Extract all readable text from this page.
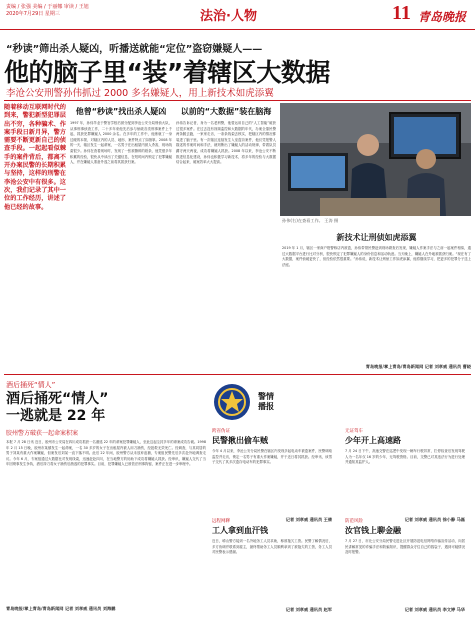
责编 / 张强 美编 / 于丽娜 审读 / 王旭
2020年7月29日 星期三	法治·人物	11 青岛晚报
“秒读”筛出杀人疑凶，听播送就能“定位”盗窃嫌疑人——
他的脑子里“装”着辖区大数据
李沧公安刑警孙伟抓过 2000 多名嫌疑人，用上新技术如虎添翼
随着移动互联网时代的到来，警犯新型犯罪层出不穷，各种骗术、作案手段日新月异，警方需要不断更新自己的侦查手段。一起起看似棘手的案件背后，都离不开办案民警的长期积累与坚持，这样的刑警在李沧公安中有很多。这次，我们记录了其中一位的工作经历，讲述了他已经的故事。
他曾“秒读”找出杀人疑凶
1997 年，孙伟毕业于警官学校后被分配到李沧公安分局刑侦大队，从事刑事侦查工作，二十多年来他先后参与侦破各类刑事案件上千起，抓获犯罪嫌疑人 2000 余名。在多年的工作中，他练就了一身过硬的本领，对辖区内的人员、地形、案件特点了如指掌。2008 年的一天，辖区发生一起命案，一名男子在出租屋内被人杀害，现场线索很少。孙伟在查看现场时，发现了一张被撕碎的纸条，他凭借多年积累的经验，很快从中读出了关键信息，在短时间内锁定了犯罪嫌疑人，并在嫌疑人准备外逃之前将其抓获归案。
以前的“大数据”装在脑海
孙伟告诉记者，身为一名老刑警，他曾运用自己的“人工智能”破获过很多案件。在过去没有视频监控和大数据的年代，办案全靠民警两条腿去跑，一家家走访，一条条线索去核实，把辖区内的情况都装进了脑子里。有一次辖区连续发生入室盗窃案件，他仅凭报警人描述的作案时间和手法，就判断出了嫌疑人的活动规律，带着队员蹲守两天两夜，成功将嫌疑人抓获。2008 年以来，李沧公安不断推进信息化建设，孙伟也积极学习新技术，将多年的经验与大数据结合起来，破案效率大大提高。
孙伟(右)在查看工作。 王涛 摄
新技术让刑侦如虎添翼
2019 年 1 月，辖区一家商户报警称店内被盗，孙伟带领民警赶到现场勘查后发现，嫌疑人作案手法与之前一起案件相似，通过大数据平台进行比对分析，很快锁定了犯罪嫌疑人的身份信息和活动轨迹。当天晚上，嫌疑人在外地被抓获归案。“现在有了大数据，案件侦破更快了，但经验依然很重要。”孙伟说，新技术让刑侦工作如虎添翼，他将继续学习，把更多的犯罪分子送上法庭。
青岛晚报/掌上青岛/青岛新闻网 记者 刘孝威 通讯员 曹晓
酒后捅死“情人”
酒后捅死“情人”
一逃就是 22 年
胶州警方破获一起命案积案
本报 7 月 28 日讯 近日，胶州市公安局在四川成功抓获一名潜逃 22 年的命案犯罪嫌疑人，至此这起尘封多年的命案成功告破。1998 年 2 月 15 日晚，胶州市某镇发生一起命案，一名 30 多岁的女子在出租屋内被人用刀捅伤，经抢救无效死亡。经调查，与其同居的男子刘某有重大作案嫌疑，但案发后刘某一直下落不明。此后 22 年间，胶州警方从未放弃追捕，专案组民警先后多次赴外地调查走访。今年 6 月，专案组通过大数据比对发现线索，迅速赶赴四川，在当地警方的协助下成功将嫌疑人抓获。经审讯，嫌疑人交代了当年因琐事发生争执，酒后持刀将女子捅伤后潜逃的犯罪事实。目前，犯罪嫌疑人已被依法刑事拘留，案件正在进一步审理中。
青岛晚报/掌上青岛/青岛新闻网 记者 刘孝威 通讯员 刘海鹏
警情
播报
跨省伪证
民警揪出偷车贼
今年 4 月以来，李沧公安分局民警在辖区内发现多起电动车被盗案件，民警调取监控并走访，锁定一名男子有重大作案嫌疑，并于近日将其抓获。经审讯，该男子交代了其多次盗窃电动车的犯罪事实。
记者 刘孝威 通讯员 王倩
无证驾车
少年开上高速路
7 月 24 日下午，高速交警在巡逻中发现一辆车行驶异常，拦停检查后发现驾驶人为一名年仅 16 岁的少年，无驾驶资格。目前，交警已对其违法行为进行处理并通知其监护人。
记者 刘孝威 通讯员 徐小静 马磊
远程网聊
工人拿到血汗钱
近日，崂山警方接到一名外地务工人员求助，称被拖欠工资。民警了解情况后，多方协调并联系到雇主，最终帮助务工人员顺利拿到了被拖欠的工资，务工人员对民警表示感谢。
记者 刘孝威 通讯员 赵军
防范风险
汝官钱上聊金融
7 月 27 日，市北公安分局民警走进社区开展防范电信网络诈骗宣传活动，向居民讲解常见的诈骗手法和防骗知识，提醒群众守住自己的钱袋子，遇到可疑情况及时报警。
记者 刘孝威 通讯员 李文婷 马华
